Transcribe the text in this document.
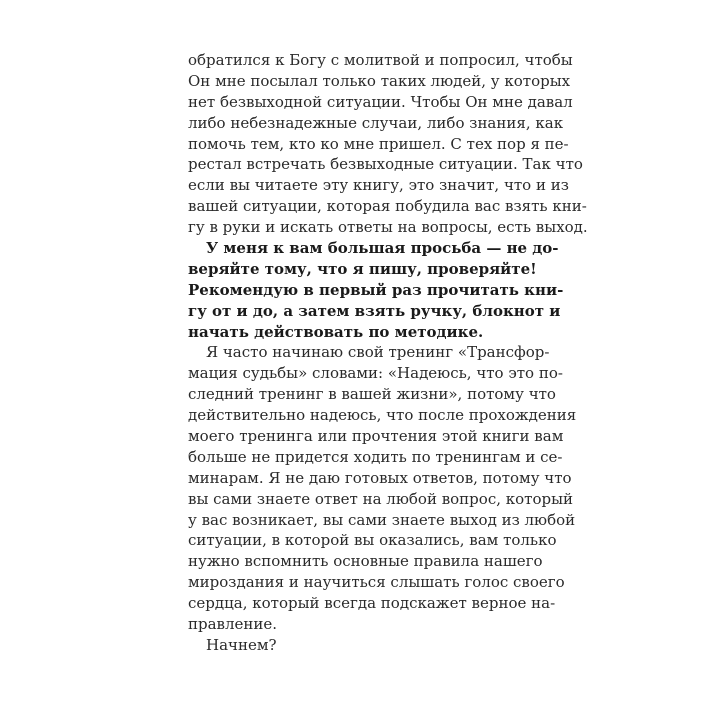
обратился к Богу с молитвой и попросил, чтобы
Он мне посылал только таких людей, у которых
нет безвыходной ситуации. Чтобы Он мне давал
либо небезнадежные случаи, либо знания, как
помочь тем, кто ко мне пришел. С тех пор я пе-
рестал встречать безвыходные ситуации. Так что
если вы читаете эту книгу, это значит, что и из
вашей ситуации, которая побудила вас взять кни-
гу в руки и искать ответы на вопросы, есть выход.
У меня к вам большая просьба — не до-
веряйте тому, что я пишу, проверяйте!
Рекомендую в первый раз прочитать кни-
гу от и до, а затем взять ручку, блокнот и
начать действовать по методике.
Я часто начинаю свой тренинг «Трансфор-
мация судьбы» словами: «Надеюсь, что это по-
следний тренинг в вашей жизни», потому что
действительно надеюсь, что после прохождения
моего тренинга или прочтения этой книги вам
больше не придется ходить по тренингам и се-
минарам. Я не даю готовых ответов, потому что
вы сами знаете ответ на любой вопрос, который
у вас возникает, вы сами знаете выход из любой
ситуации, в которой вы оказались, вам только
нужно вспомнить основные правила нашего
мироздания и научиться слышать голос своего
сердца, который всегда подскажет верное на-
правление.
Начнем?
